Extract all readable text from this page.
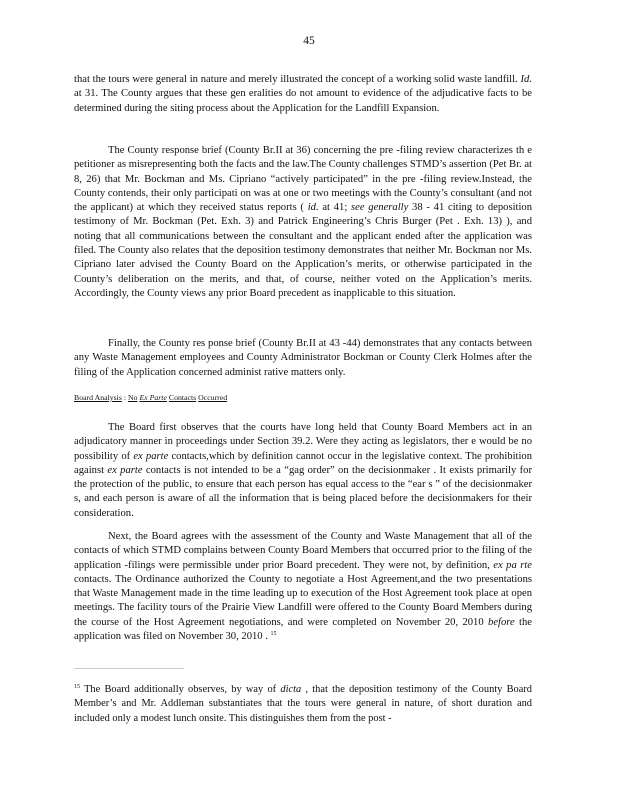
45

that the tours were general in nature and merely illustrated the concept of a working solid waste landfill. Id. at 31. The County argues that these gen eralities do not amount to evidence of the adjudicative facts to be determined during the siting process about the Application for the Landfill Expansion.

The County response brief (County Br.II at 36) concerning the pre -filing review characterizes th e petitioner as misrepresenting both the facts and the law.The County challenges STMD’s assertion (Pet Br. at 8, 26) that Mr. Bockman and Ms. Cipriano “actively participated” in the pre -filing review.Instead, the County contends, their only participati on was at one or two meetings with the County’s consultant (and not the applicant) at which they received status reports ( id. at 41; see generally 38 - 41 citing to deposition testimony of Mr. Bockman (Pet. Exh. 3) and Patrick Engineering’s Chris Burger (Pet . Exh. 13) ), and noting that all communications between the consultant and the applicant ended after the application was filed. The County also relates that the deposition testimony demonstrates that neither Mr. Bockman nor Ms. Cipriano later advised the County Board on the Application’s merits, or otherwise participated in the County’s deliberation on the merits, and that, of course, neither voted on the Application’s merits. Accordingly, the County views any prior Board precedent as inapplicable to this situation.

Finally, the County res ponse brief (County Br.II at 43 -44) demonstrates that any contacts between any Waste Management employees and County Administrator Bockman or County Clerk Holmes after the filing of the Application concerned administ rative matters only.

Board Analysis : No Ex Parte Contacts Occurred

The Board first observes that the courts have long held that County Board Members act in an adjudicatory manner in proceedings under Section 39.2. Were they acting as legislators, ther e would be no possibility of ex parte contacts,which by definition cannot occur in the legislative context. The prohibition against ex parte contacts is not intended to be a “gag order” on the decisionmaker . It exists primarily for the protection of the public, to ensure that each person has equal access to the “ear s ” of the decisionmaker s, and each person is aware of all the information that is being placed before the decisionmakers for their consideration.

Next, the Board agrees with the assessment of the County and Waste Management that all of the contacts of which STMD complains between County Board Members that occurred prior to the filing of the application -filings were permissible under prior Board precedent. They were not, by definition, ex pa rte contacts. The Ordinance authorized the County to negotiate a Host Agreement,and the two presentations that Waste Management made in the time leading up to execution of the Host Agreement took place at open meetings. The facility tours of the Prairie View Landfill were offered to the County Board Members during the course of the Host Agreement negotiations, and were completed on November 20, 2010 before the application was filed on November 30, 2010 . $^{15}$

$^{15}$ The Board additionally observes, by way of dicta , that the deposition testimony of the County Board Member’s and Mr. Addleman substantiates that the tours were general in nature, of short duration and included only a modest lunch onsite. This distinguishes them from the post -
